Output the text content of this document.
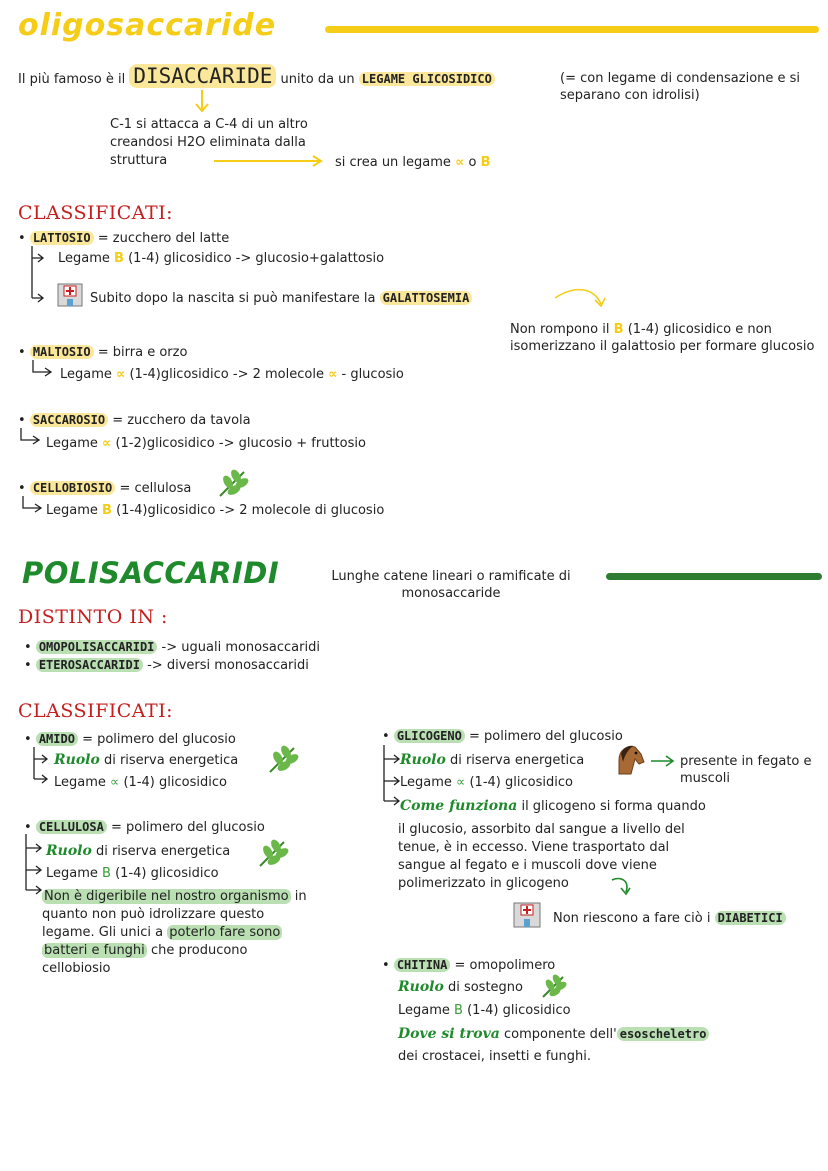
oligosaccaride
Il più famoso è il DISACCARIDE unito da un LEGAME GLICOSIDICO	(= con legame di condensazione e si separano con idrolisi)
C-1 si attacca a C-4 di un altro
creandosi H2O eliminata dalla
struttura	si crea un legame ∝ o B
CLASSIFICATI:
• LATTOSIO = zucchero del latte
Legame B (1-4) glicosidico -> glucosio+galattosio
Subito dopo la nascita si può manifestare la GALATTOSEMIA
Non rompono il B (1-4) glicosidico e non isomerizzano il galattosio per formare glucosio
• MALTOSIO = birra e orzo
Legame ∝ (1-4)glicosidico -> 2 molecole ∝ - glucosio
• SACCAROSIO = zucchero da tavola
Legame ∝ (1-2)glicosidico -> glucosio + fruttosio
• CELLOBIOSIO = cellulosa
Legame B (1-4)glicosidico -> 2 molecole di glucosio
POLISACCARIDI	Lunghe catene lineari o ramificate di monosaccaride
DISTINTO IN :
• OMOPOLISACCARIDI -> uguali monosaccaridi
• ETEROSACCARIDI -> diversi monosaccaridi
CLASSIFICATI:
• AMIDO = polimero del glucosio
Ruolo di riserva energetica
Legame ∝ (1-4) glicosidico
• CELLULOSA = polimero del glucosio
Ruolo di riserva energetica
Legame B (1-4) glicosidico
Non è digeribile nel nostro organismo in
quanto non può idrolizzare questo
legame. Gli unici a poterlo fare sono
batteri e funghi che producono
cellobiosio
• GLICOGENO = polimero del glucosio
Ruolo di riserva energetica	presente in fegato e muscoli
Legame ∝ (1-4) glicosidico
Come funziona il glicogeno si forma quando
il glucosio, assorbito dal sangue a livello del
tenue, è in eccesso. Viene trasportato dal
sangue al fegato e i muscoli dove viene
polimerizzato in glicogeno
Non riescono a fare ciò i DIABETICI
• CHITINA = omopolimero
Ruolo di sostegno
Legame B (1-4) glicosidico
Dove si trova componente dell' esoscheletro
dei crostacei, insetti e funghi.
